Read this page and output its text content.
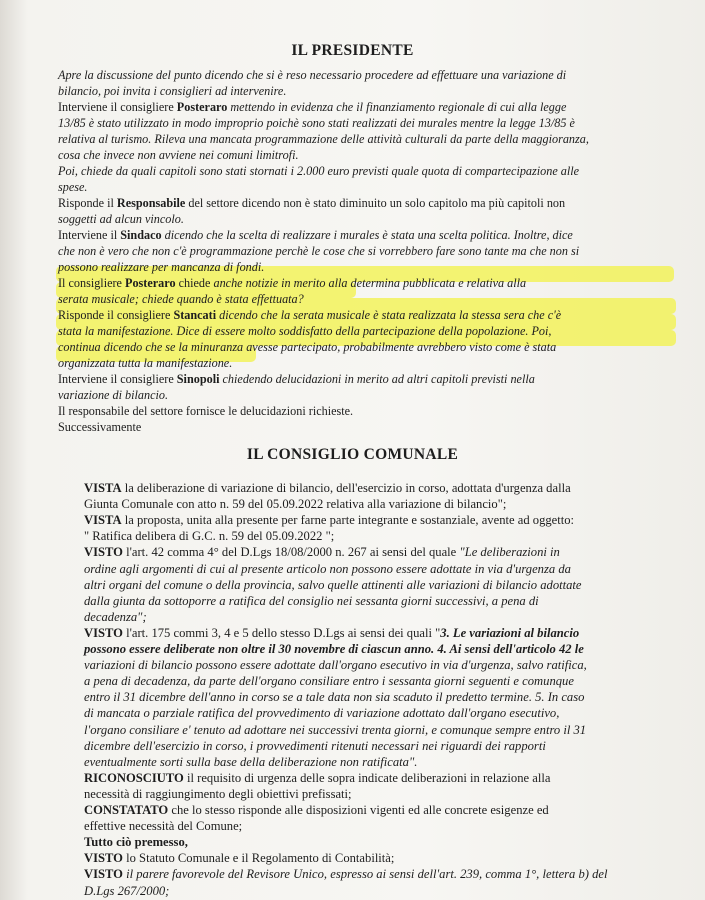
IL PRESIDENTE

Apre la discussione del punto dicendo che si è reso necessario procedere ad effettuare una variazione di

bilancio, poi invita i consiglieri ad intervenire.

Interviene il consigliere Posteraro mettendo in evidenza che il finanziamento regionale di cui alla legge

13/85 è stato utilizzato in modo improprio poichè sono stati realizzati dei murales mentre la legge 13/85 è

relativa al turismo. Rileva una mancata programmazione delle attività culturali da parte della maggioranza,

cosa che invece non avviene nei comuni limitrofi.

Poi, chiede da quali capitoli sono stati stornati i 2.000 euro previsti quale quota di compartecipazione alle

spese.

Risponde il Responsabile del settore dicendo non è stato diminuito un solo capitolo ma più capitoli non

soggetti ad alcun vincolo.

Interviene il Sindaco dicendo che la scelta di realizzare i murales è stata una scelta politica. Inoltre, dice

che non è vero che non c'è programmazione perchè le cose che si vorrebbero fare sono tante ma che non si

possono realizzare per mancanza di fondi.

Il consigliere Posteraro chiede anche notizie in merito alla determina pubblicata e relativa alla

serata musicale; chiede quando è stata effettuata?

Risponde il consigliere Stancati dicendo che la serata musicale è stata realizzata la stessa sera che c'è

stata la manifestazione. Dice di essere molto soddisfatto della partecipazione della popolazione. Poi,

continua dicendo che se la minuranza avesse partecipato, probabilmente avrebbero visto come è stata

organizzata tutta la manifestazione.

Interviene il consigliere Sinopoli chiedendo delucidazioni in merito ad altri capitoli previsti nella

variazione di bilancio.

Il responsabile del settore fornisce le delucidazioni richieste.

Successivamente

IL CONSIGLIO COMUNALE

VISTA la deliberazione di variazione di bilancio, dell'esercizio in corso, adottata d'urgenza dalla

Giunta Comunale con atto n. 59 del 05.09.2022 relativa alla variazione di bilancio";

VISTA la proposta, unita alla presente per farne parte integrante e sostanziale, avente ad oggetto:

" Ratifica delibera di G.C. n. 59 del 05.09.2022 ";

VISTO l'art. 42 comma 4° del D.Lgs 18/08/2000 n. 267 ai sensi del quale "Le deliberazioni in

ordine agli argomenti di cui al presente articolo non possono essere adottate in via d'urgenza da

altri organi del comune o della provincia, salvo quelle attinenti alle variazioni di bilancio adottate

dalla giunta da sottoporre a ratifica del consiglio nei sessanta giorni successivi, a pena di

decadenza";

VISTO l'art. 175 commi 3, 4 e 5 dello stesso D.Lgs ai sensi dei quali "3. Le variazioni al bilancio

possono essere deliberate non oltre il 30 novembre di ciascun anno. 4. Ai sensi dell'articolo 42 le

variazioni di bilancio possono essere adottate dall'organo esecutivo in via d'urgenza, salvo ratifica,

a pena di decadenza, da parte dell'organo consiliare entro i sessanta giorni seguenti e comunque

entro il 31 dicembre dell'anno in corso se a tale data non sia scaduto il predetto termine. 5. In caso

di mancata o parziale ratifica del provvedimento di variazione adottato dall'organo esecutivo,

l'organo consiliare e' tenuto ad adottare nei successivi trenta giorni, e comunque sempre entro il 31

dicembre dell'esercizio in corso, i provvedimenti ritenuti necessari nei riguardi dei rapporti

eventualmente sorti sulla base della deliberazione non ratificata".

RICONOSCIUTO il requisito di urgenza delle sopra indicate deliberazioni in relazione alla

necessità di raggiungimento degli obiettivi prefissati;

CONSTATATO che lo stesso risponde alle disposizioni vigenti ed alle concrete esigenze ed

effettive necessità del Comune;

Tutto ciò premesso,

VISTO lo Statuto Comunale e il Regolamento di Contabilità;

VISTO il parere favorevole del Revisore Unico, espresso ai sensi dell'art. 239, comma 1°, lettera b) del

D.Lgs 267/2000;
